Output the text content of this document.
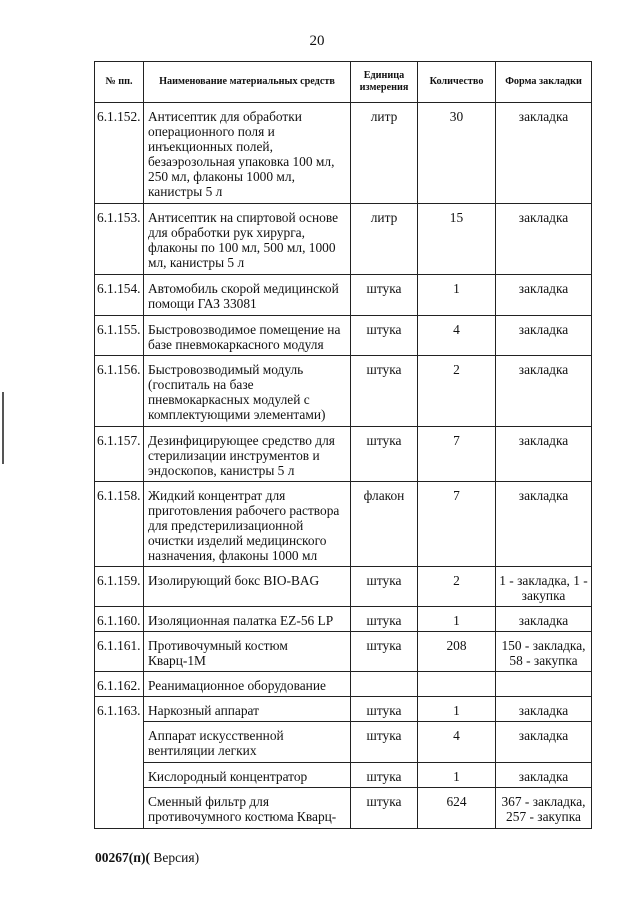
20
№ пп.	Наименование материальных средств	Единица измерения	Количество	Форма закладки
6.1.152.	Антисептик для обработки операционного поля и инъекционных полей, безаэрозольная упаковка 100 мл, 250 мл, флаконы 1000 мл, канистры 5 л	литр	30	закладка
6.1.153.	Антисептик на спиртовой основе для обработки рук хирурга, флаконы по 100 мл, 500 мл, 1000 мл, канистры 5 л	литр	15	закладка
6.1.154.	Автомобиль скорой медицинской помощи ГАЗ 33081	штука	1	закладка
6.1.155.	Быстровозводимое помещение на базе пневмокаркасного модуля	штука	4	закладка
6.1.156.	Быстровозводимый модуль (госпиталь на базе пневмокаркасных модулей с комплектующими элементами)	штука	2	закладка
6.1.157.	Дезинфицирующее средство для стерилизации инструментов и эндоскопов, канистры 5 л	штука	7	закладка
6.1.158.	Жидкий концентрат для приготовления рабочего раствора для предстерилизационной очистки изделий медицинского назначения, флаконы 1000 мл	флакон	7	закладка
6.1.159.	Изолирующий бокс BIO-BAG	штука	2	1 - закладка, 1 - закупка
6.1.160.	Изоляционная палатка EZ-56 LP	штука	1	закладка
6.1.161.	Противочумный костюм Кварц-1М	штука	208	150 - закладка, 58 - закупка
6.1.162.	Реанимационное оборудование			
6.1.163.	Наркозный аппарат	штука	1	закладка
	Аппарат искусственной вентиляции легких	штука	4	закладка
	Кислородный концентратор	штука	1	закладка
	Сменный фильтр для противочумного костюма Кварц-	штука	624	367 - закладка, 257 - закупка
00267(п)( Версия)
